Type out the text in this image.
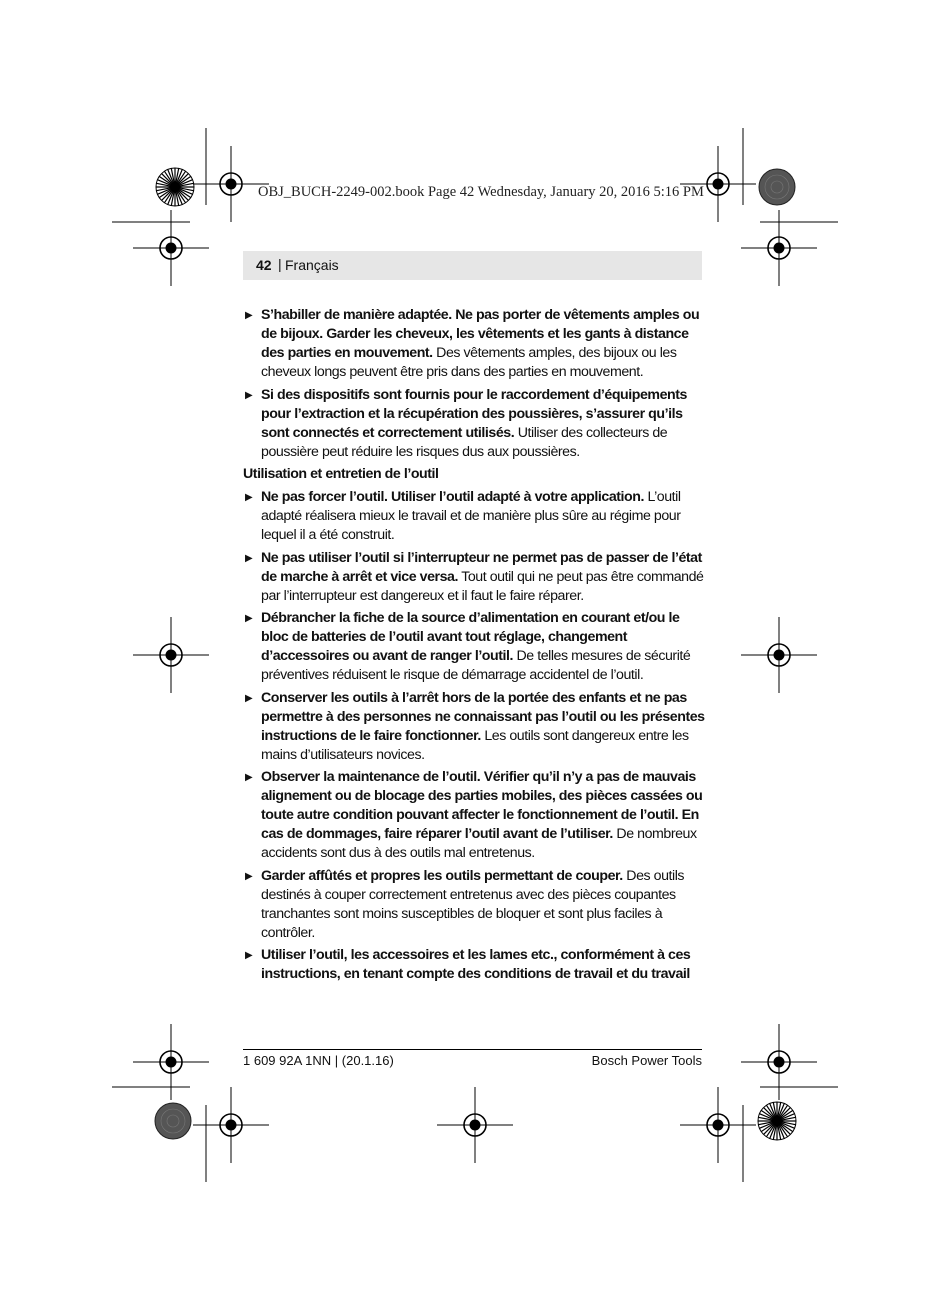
OBJ_BUCH-2249-002.book Page 42 Wednesday, January 20, 2016 5:16 PM
42 | Français
▶ S’habiller de manière adaptée. Ne pas porter de vêtements amples ou de bijoux. Garder les cheveux, les vêtements et les gants à distance des parties en mouvement. Des vêtements amples, des bijoux ou les cheveux longs peuvent être pris dans des parties en mouvement.
▶ Si des dispositifs sont fournis pour le raccordement d’équipements pour l’extraction et la récupération des poussières, s’assurer qu’ils sont connectés et correctement utilisés. Utiliser des collecteurs de poussière peut réduire les risques dus aux poussières.
Utilisation et entretien de l’outil
▶ Ne pas forcer l’outil. Utiliser l’outil adapté à votre application. L’outil adapté réalisera mieux le travail et de manière plus sûre au régime pour lequel il a été construit.
▶ Ne pas utiliser l’outil si l’interrupteur ne permet pas de passer de l’état de marche à arrêt et vice versa. Tout outil qui ne peut pas être commandé par l’interrupteur est dangereux et il faut le faire réparer.
▶ Débrancher la fiche de la source d’alimentation en courant et/ou le bloc de batteries de l’outil avant tout réglage, changement d’accessoires ou avant de ranger l’outil. De telles mesures de sécurité préventives réduisent le risque de démarrage accidentel de l’outil.
▶ Conserver les outils à l’arrêt hors de la portée des enfants et ne pas permettre à des personnes ne connaissant pas l’outil ou les présentes instructions de le faire fonctionner. Les outils sont dangereux entre les mains d’utilisateurs novices.
▶ Observer la maintenance de l’outil. Vérifier qu’il n’y a pas de mauvais alignement ou de blocage des parties mobiles, des pièces cassées ou toute autre condition pouvant affecter le fonctionnement de l’outil. En cas de dommages, faire réparer l’outil avant de l’utiliser. De nombreux accidents sont dus à des outils mal entretenus.
▶ Garder affûtés et propres les outils permettant de couper. Des outils destinés à couper correctement entretenus avec des pièces coupantes tranchantes sont moins susceptibles de bloquer et sont plus faciles à contrôler.
▶ Utiliser l’outil, les accessoires et les lames etc., conformément à ces instructions, en tenant compte des conditions de travail et du travail
1 609 92A 1NN | (20.1.16)	Bosch Power Tools
